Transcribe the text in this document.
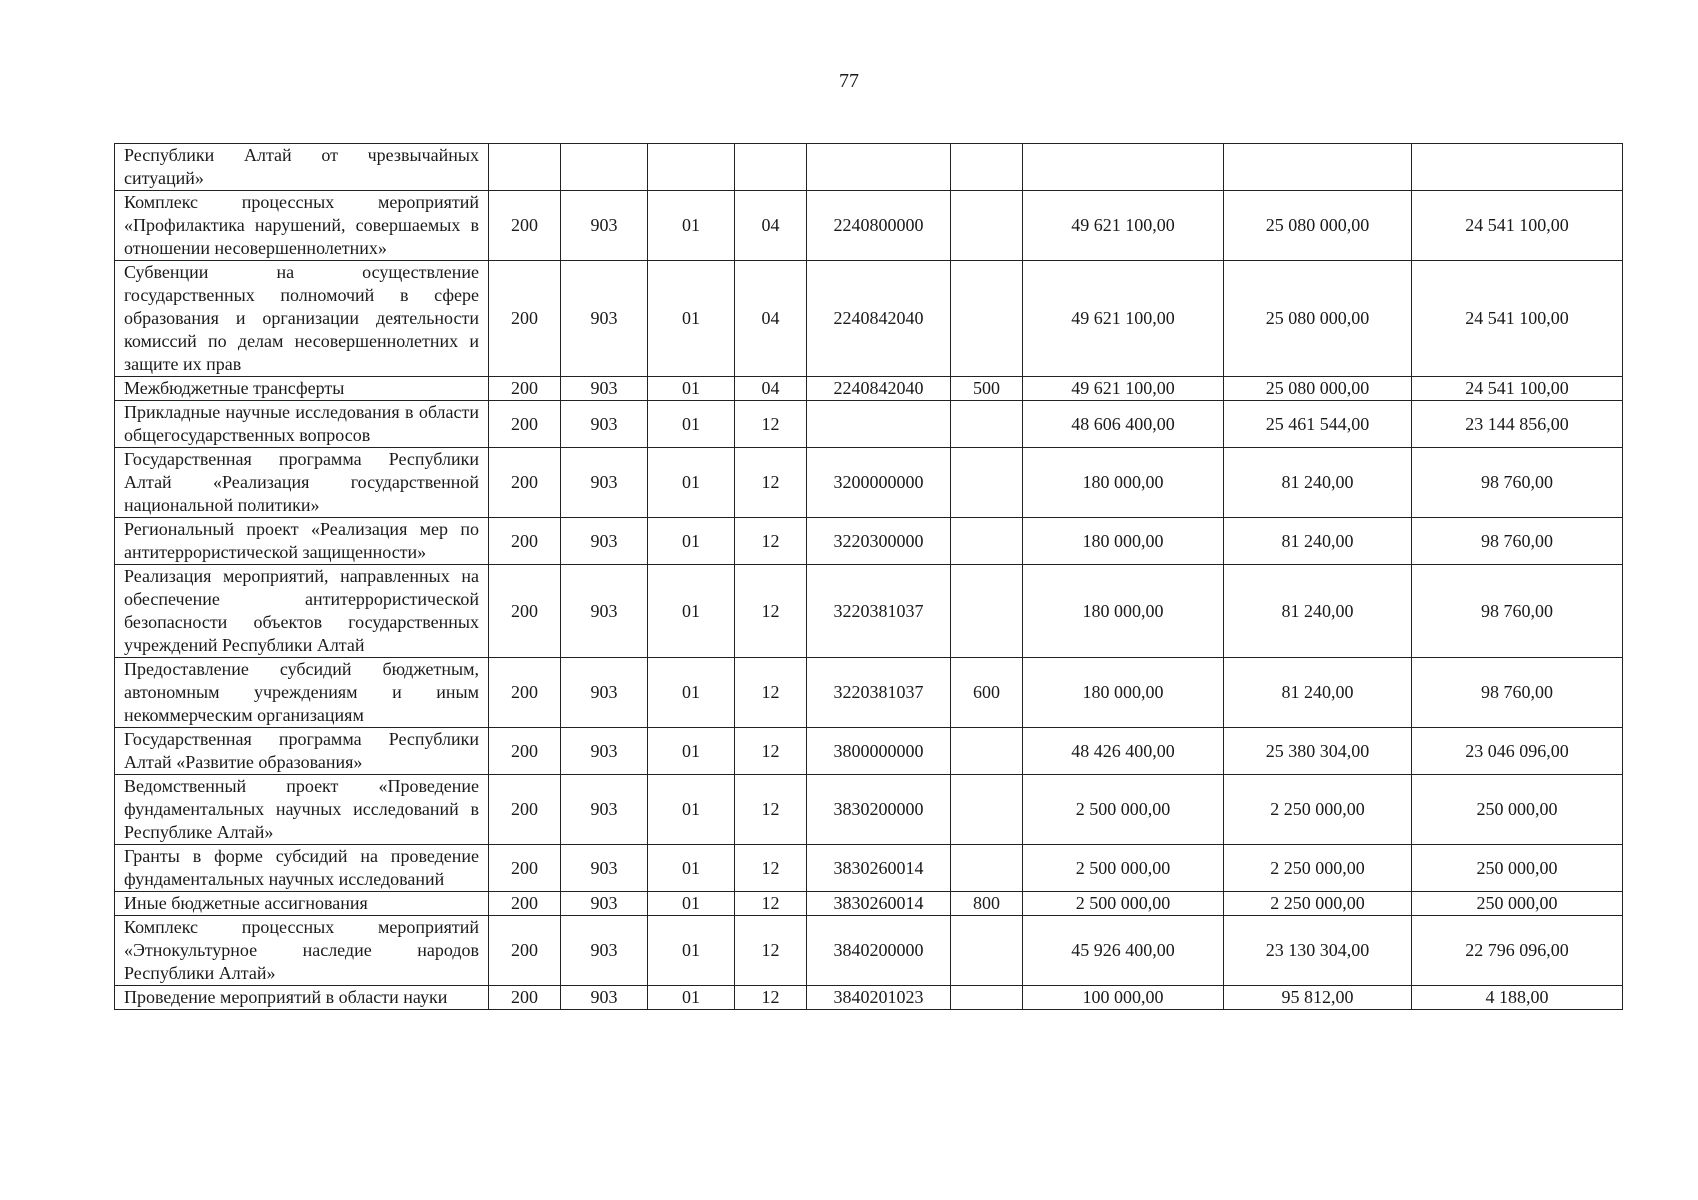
77
Республики Алтай от чрезвычайных ситуаций»									
Комплекс процессных мероприятий «Профилактика нарушений, совершаемых в отношении несовершеннолетних»	200	903	01	04	2240800000		49 621 100,00	25 080 000,00	24 541 100,00
Субвенции на осуществление государственных полномочий в сфере образования и организации деятельности комиссий по делам несовершеннолетних и защите их прав	200	903	01	04	2240842040		49 621 100,00	25 080 000,00	24 541 100,00
Межбюджетные трансферты	200	903	01	04	2240842040	500	49 621 100,00	25 080 000,00	24 541 100,00
Прикладные научные исследования в области общегосударственных вопросов	200	903	01	12			48 606 400,00	25 461 544,00	23 144 856,00
Государственная программа Республики Алтай «Реализация государственной национальной политики»	200	903	01	12	3200000000		180 000,00	81 240,00	98 760,00
Региональный проект «Реализация мер по антитеррористической защищенности»	200	903	01	12	3220300000		180 000,00	81 240,00	98 760,00
Реализация мероприятий, направленных на обеспечение антитеррористической безопасности объектов государственных учреждений Республики Алтай	200	903	01	12	3220381037		180 000,00	81 240,00	98 760,00
Предоставление субсидий бюджетным, автономным учреждениям и иным некоммерческим организациям	200	903	01	12	3220381037	600	180 000,00	81 240,00	98 760,00
Государственная программа Республики Алтай «Развитие образования»	200	903	01	12	3800000000		48 426 400,00	25 380 304,00	23 046 096,00
Ведомственный проект «Проведение фундаментальных научных исследований в Республике Алтай»	200	903	01	12	3830200000		2 500 000,00	2 250 000,00	250 000,00
Гранты в форме субсидий на проведение фундаментальных научных исследований	200	903	01	12	3830260014		2 500 000,00	2 250 000,00	250 000,00
Иные бюджетные ассигнования	200	903	01	12	3830260014	800	2 500 000,00	2 250 000,00	250 000,00
Комплекс процессных мероприятий «Этнокультурное наследие народов Республики Алтай»	200	903	01	12	3840200000		45 926 400,00	23 130 304,00	22 796 096,00
Проведение мероприятий в области науки	200	903	01	12	3840201023		100 000,00	95 812,00	4 188,00
